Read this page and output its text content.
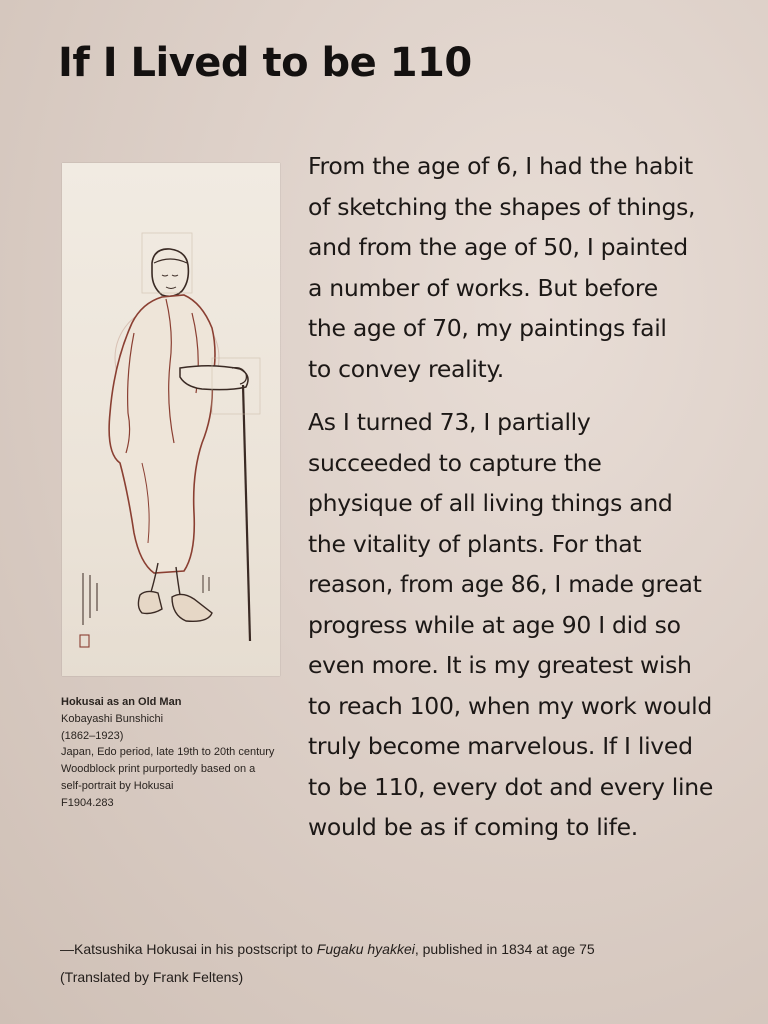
If I Lived to be 110
Hokusai as an Old Man
Kobayashi Bunshichi
(1862–1923)
Japan, Edo period, late 19th to 20th century
Woodblock print purportedly based on a
self-portrait by Hokusai
F1904.283

From the age of 6, I had the habit
of sketching the shapes of things,
and from the age of 50, I painted
a number of works. But before
the age of 70, my paintings fail
to convey reality.

As I turned 73, I partially
succeeded to capture the
physique of all living things and
the vitality of plants. For that
reason, from age 86, I made great
progress while at age 90 I did so
even more. It is my greatest wish
to reach 100, when my work would
truly become marvelous. If I lived
to be 110, every dot and every line
would be as if coming to life.

—Katsushika Hokusai in his postscript to Fugaku hyakkei, published in 1834 at age 75
(Translated by Frank Feltens)
